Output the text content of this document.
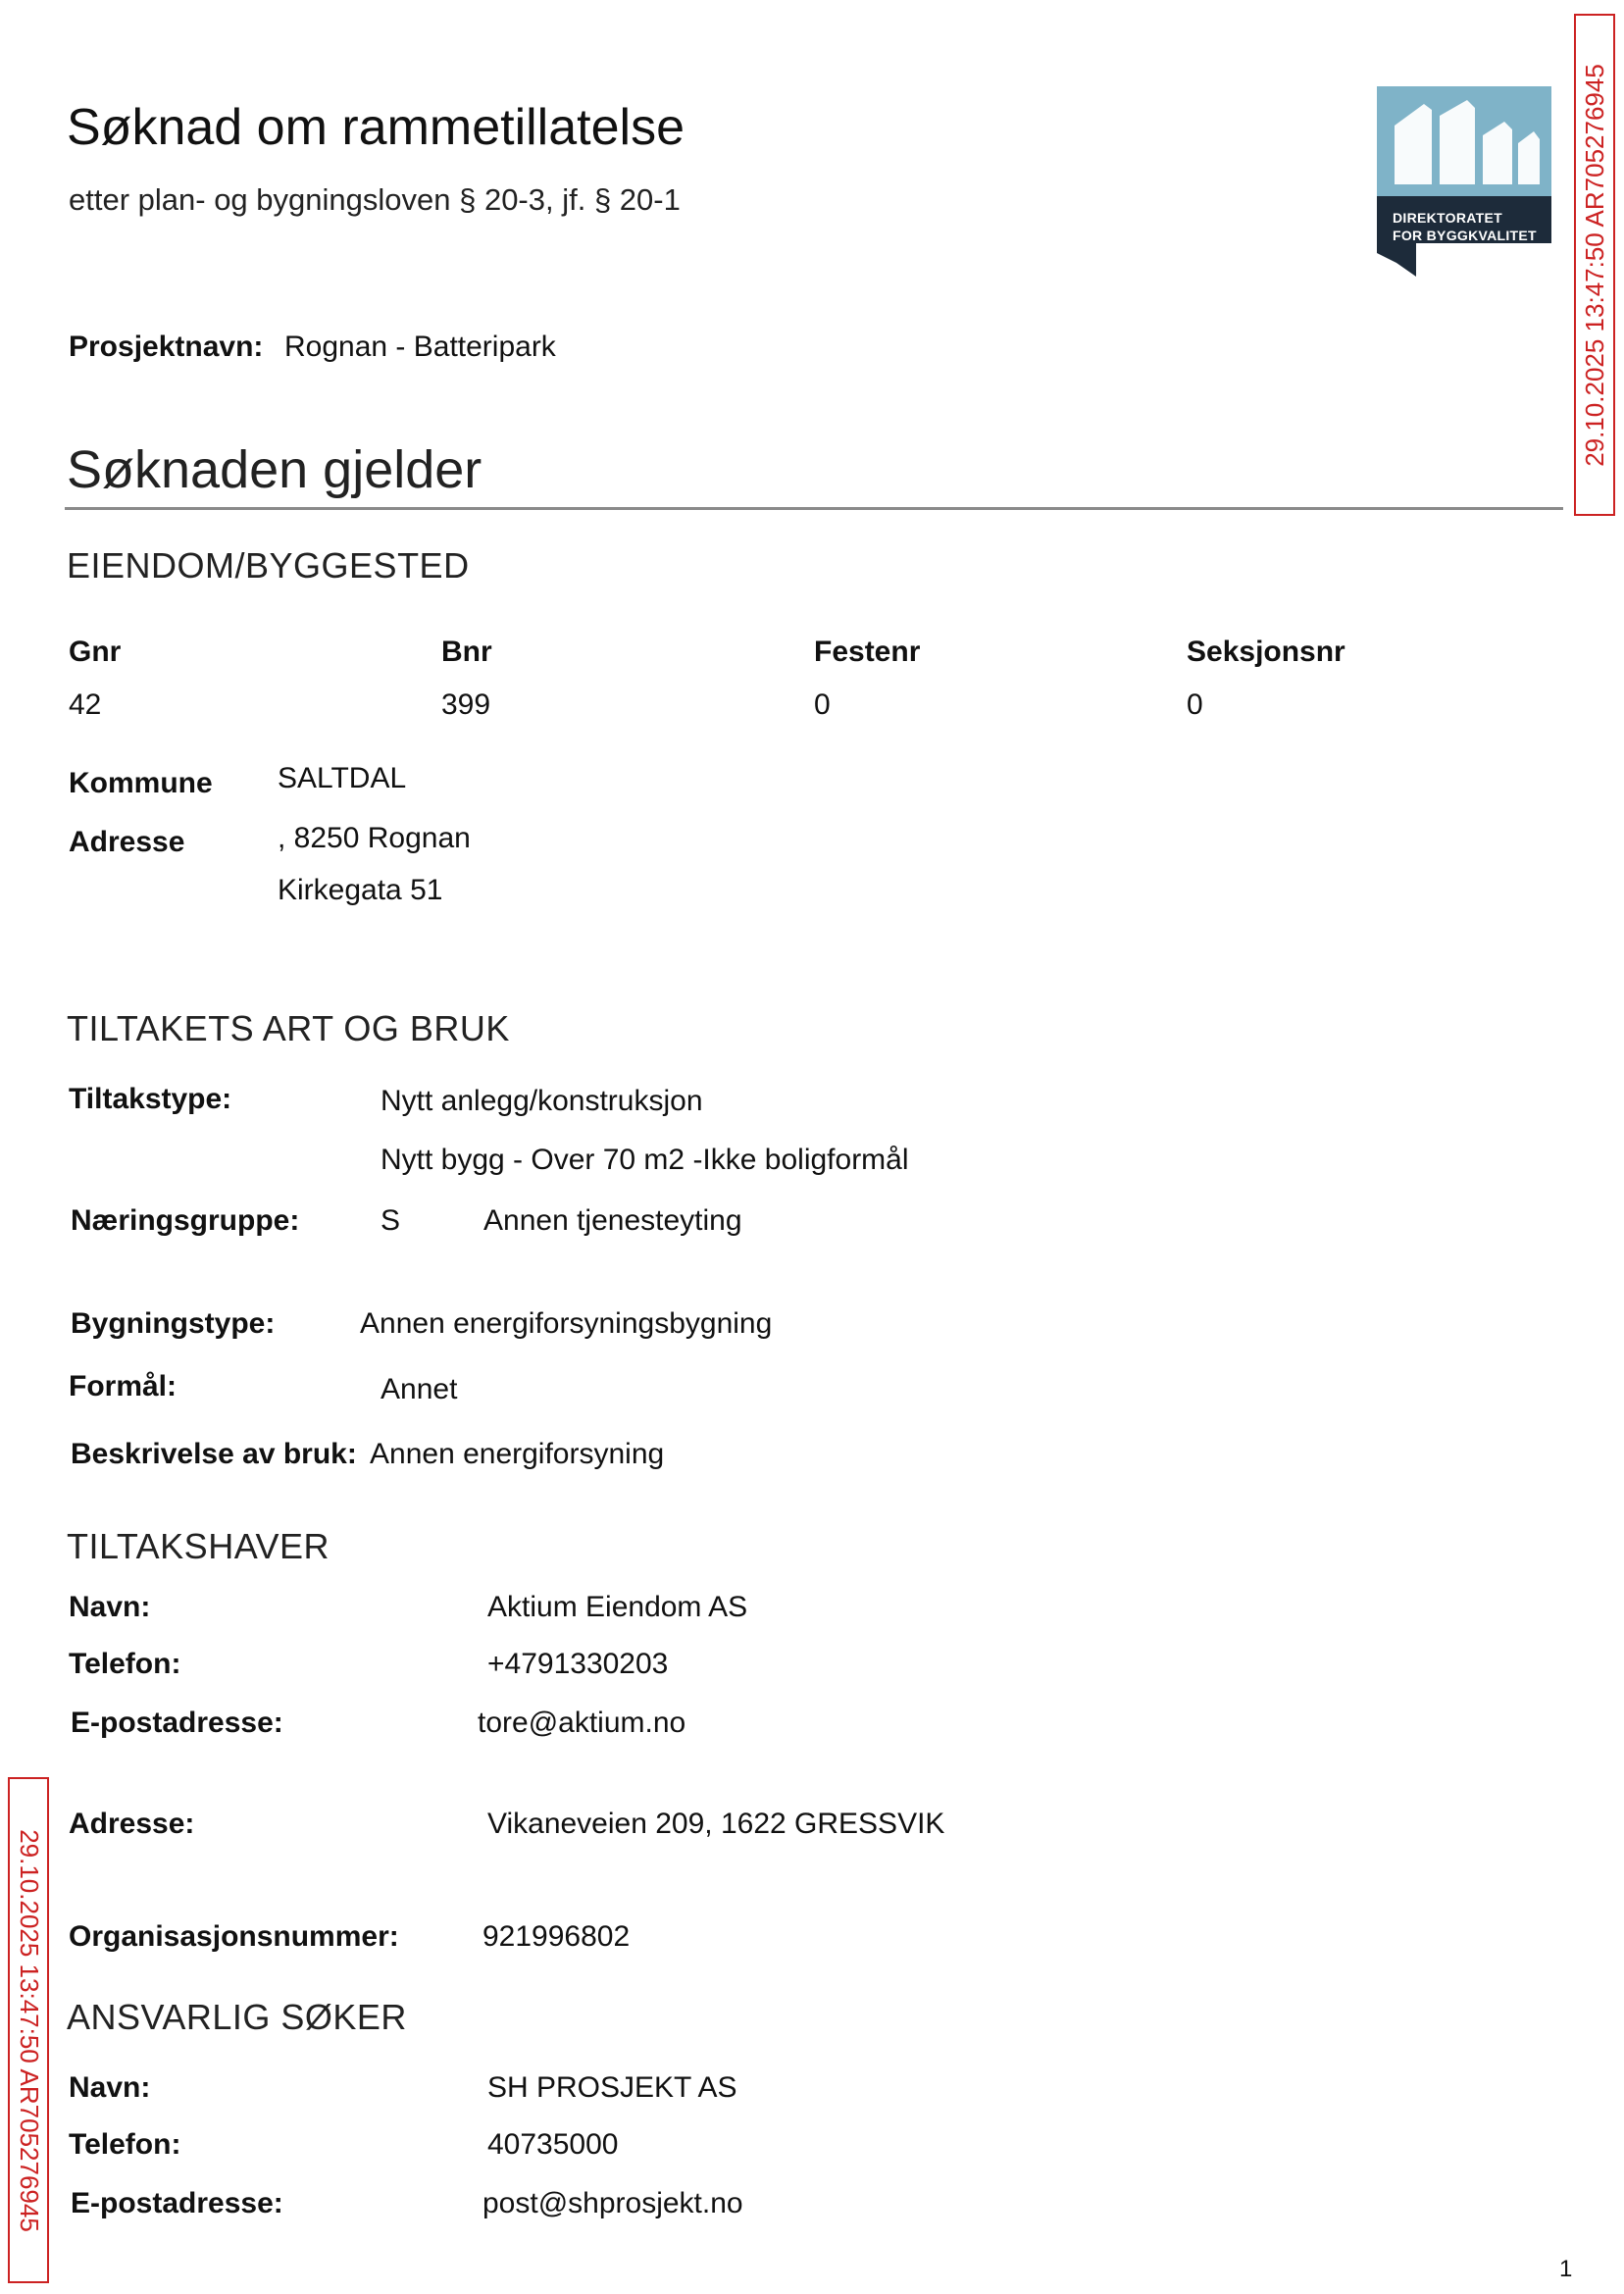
Søknad om rammetillatelse
etter plan- og bygningsloven § 20-3, jf. § 20-1
DIREKTORATET
FOR BYGGKVALITET 29.10.2025 13:47:50 AR705276945
29.10.2025 13:47:50 AR705276945
Prosjektnavn: Rognan - Batteripark
Søknaden gjelder
EIENDOM/BYGGESTED
Gnr	Bnr	Festenr	Seksjonsnr
42	399	0	0
Kommune SALTDAL
Adresse	, 8250 Rognan
Kirkegata 51
TILTAKETS ART OG BRUK
Tiltakstype:	Nytt anlegg/konstruksjon
Nytt bygg - Over 70 m2 -Ikke boligformål
Næringsgruppe:	S	Annen tjenesteyting
Bygningstype:	Annen energiforsyningsbygning
Formål:	Annet
Beskrivelse av bruk: Annen energiforsyning
TILTAKSHAVER
Navn:	Aktium Eiendom AS
Telefon:	+4791330203
E-postadresse:	tore@aktium.no
Adresse:	Vikaneveien 209, 1622 GRESSVIK
Organisasjonsnummer:	921996802
ANSVARLIG SØKER
Navn:	SH PROSJEKT AS
Telefon:	40735000
E-postadresse:	post@shprosjekt.no
1
